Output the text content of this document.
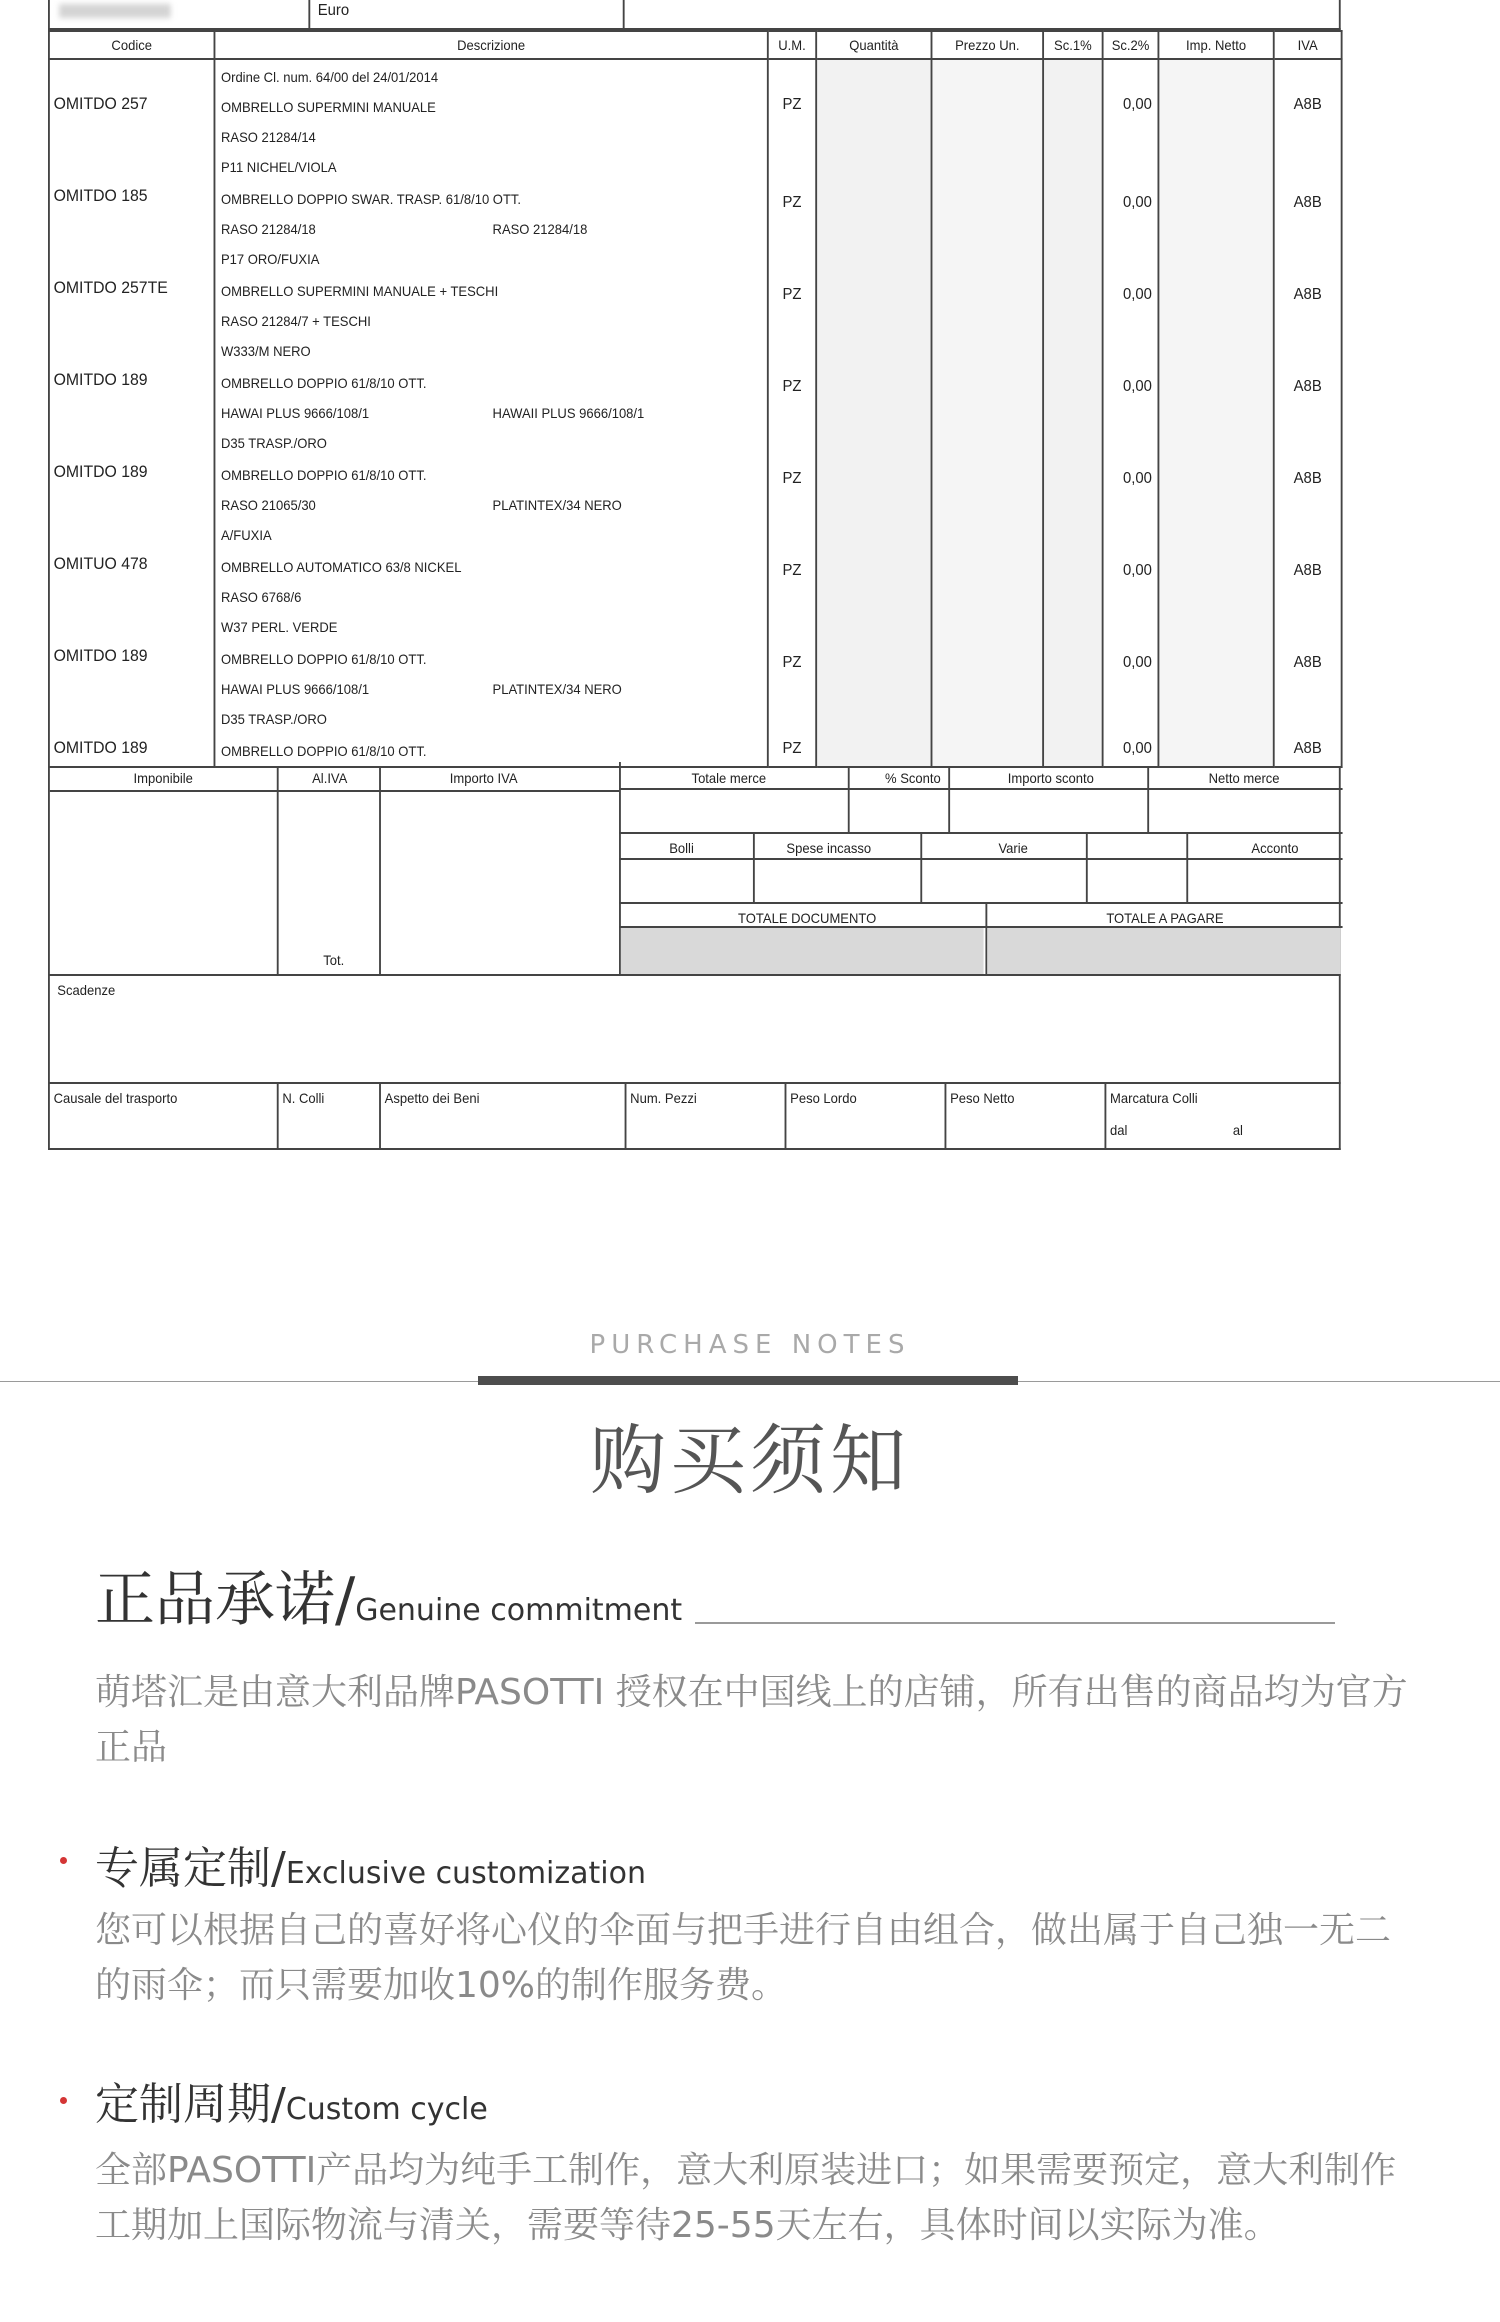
Euro
Codice	Descrizione	U.M.	Quantità	Prezzo Un.	Sc.1%	Sc.2%	Imp. Netto	IVA

OMITDO 257	Ordine Cl. num. 64/00 del 24/01/2014
OMBRELLO SUPERMINI MANUALE
RASO 21284/14
P11 NICHEL/VIOLA	PZ				0,00		A8B

OMITDO 185	OMBRELLO DOPPIO SWAR. TRASP. 61/8/10 OTT.
RASO 21284/18 RASO 21284/18
P17 ORO/FUXIA	PZ				0,00		A8B

OMITDO 257TE	OMBRELLO SUPERMINI MANUALE + TESCHI
RASO 21284/7 + TESCHI
W333/M NERO	PZ				0,00		A8B

OMITDO 189	OMBRELLO DOPPIO 61/8/10 OTT.
HAWAI PLUS 9666/108/1 HAWAII PLUS 9666/108/1
D35 TRASP./ORO	PZ				0,00		A8B

OMITDO 189	OMBRELLO DOPPIO 61/8/10 OTT.
RASO 21065/30 PLATINTEX/34 NERO
A/FUXIA	PZ				0,00		A8B

OMITUO 478	OMBRELLO AUTOMATICO 63/8 NICKEL
RASO 6768/6
W37 PERL. VERDE	PZ				0,00		A8B

OMITDO 189	OMBRELLO DOPPIO 61/8/10 OTT.
HAWAI PLUS 9666/108/1 PLATINTEX/34 NERO
D35 TRASP./ORO	PZ				0,00		A8B

OMITDO 189	OMBRELLO DOPPIO 61/8/10 OTT.	PZ				0,00		A8B
Imponibile	Al.IVA	Importo IVA	Totale merce	% Sconto	Importo sconto	Netto merce
Bolli	Spese incasso	Varie	Acconto
TOTALE DOCUMENTO	TOTALE A PAGARE
Tot.
Scadenze
Causale del trasporto	N. Colli	Aspetto dei Beni	Num. Pezzi	Peso Lordo	Peso Netto	Marcatura Colli
dal	al
PURCHASE NOTES
购买须知
正品承诺/Genuine commitment
萌塔汇是由意大利品牌PASOTTI 授权在中国线上的店铺，所有出售的商品均为官方正品
专属定制/Exclusive customization
您可以根据自己的喜好将心仪的伞面与把手进行自由组合，做出属于自己独一无二的雨伞；而只需要加收10%的制作服务费。
定制周期/Custom cycle
全部PASOTTI产品均为纯手工制作，意大利原装进口；如果需要预定，意大利制作工期加上国际物流与清关，需要等待25-55天左右，具体时间以实际为准。
